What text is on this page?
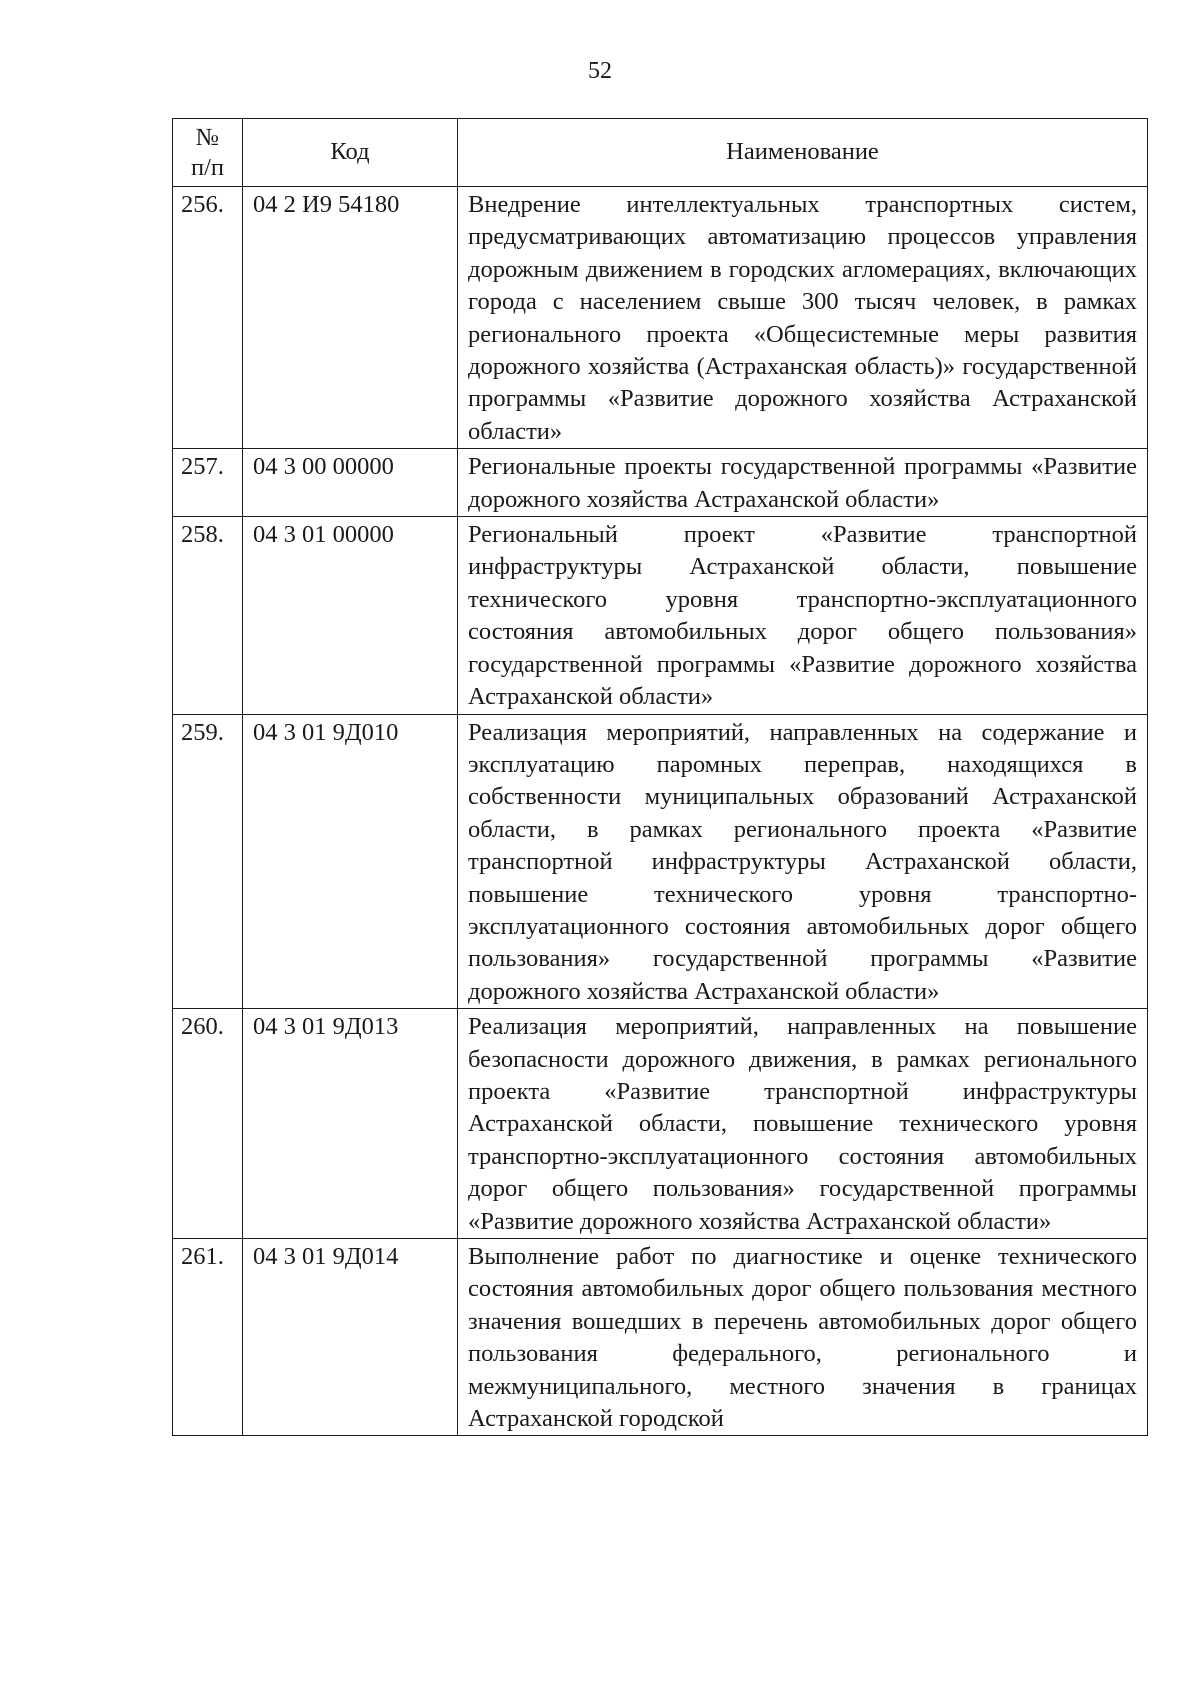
52
№
п/п	Код	Наименование
256.	04 2 И9 54180	Внедрение интеллектуальных транспортных систем, предусматривающих автоматизацию процессов управления дорожным движением в городских агломерациях, включающих города с населением свыше 300 тысяч человек, в рамках регионального проекта «Общесистемные меры развития дорожного хозяйства (Астраханская область)» государственной программы «Развитие дорожного хозяйства Астраханской области»
257.	04 3 00 00000	Региональные проекты государственной программы «Развитие дорожного хозяйства Астраханской области»
258.	04 3 01 00000	Региональный проект «Развитие транспортной инфраструктуры Астраханской области, повышение технического уровня транспортно-эксплуатационного состояния автомобильных дорог общего пользования» государственной программы «Развитие дорожного хозяйства Астраханской области»
259.	04 3 01 9Д010	Реализация мероприятий, направленных на содержание и эксплуатацию паромных переправ, находящихся в собственности муниципальных образований Астраханской области, в рамках регионального проекта «Развитие транспортной инфраструктуры Астраханской области, повышение технического уровня транспортно-эксплуатационного состояния автомобильных дорог общего пользования» государственной программы «Развитие дорожного хозяйства Астраханской области»
260.	04 3 01 9Д013	Реализация мероприятий, направленных на повышение безопасности дорожного движения, в рамках регионального проекта «Развитие транспортной инфраструктуры Астраханской области, повышение технического уровня транспортно-эксплуатационного состояния автомобильных дорог общего пользования» государственной программы «Развитие дорожного хозяйства Астраханской области»
261.	04 3 01 9Д014	Выполнение работ по диагностике и оценке технического состояния автомобильных дорог общего пользования местного значения вошедших в перечень автомобильных дорог общего пользования федерального, регионального и межмуниципального, местного значения в границах Астраханской городской
